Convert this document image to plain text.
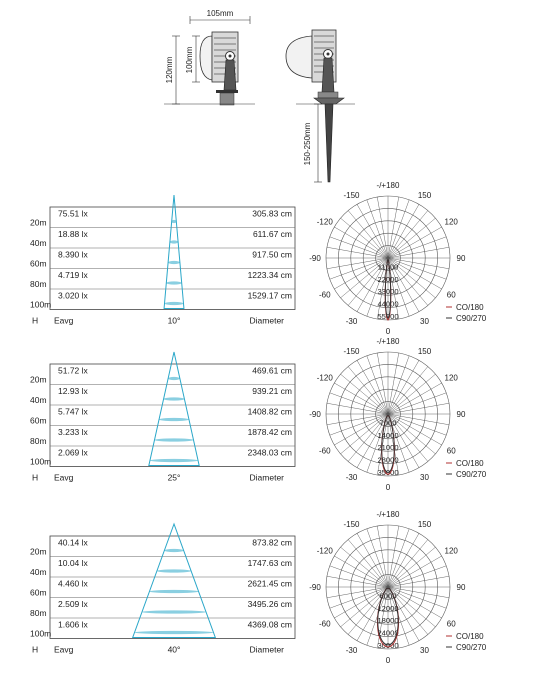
105mm
120mm 100mm
150-250mm
20m
75.51 lx	305.83 cm
40m
18.88 lx	611.67 cm
60m
8.390 lx	917.50 cm
80m
4.719 lx	1223.34 cm
100m
3.020 lx	1529.17 cm
H Eavg	10°	Diameter
-/+180
-150	150
-120	120
-90	90
-60	60
-30	30
0
11000
22000
33000
44000
55000
CO/180
C90/270
20m
51.72 lx	469.61 cm
40m
12.93 lx	939.21 cm
60m
5.747 lx	1408.82 cm
80m
3.233 lx	1878.42 cm
100m
2.069 lx	2348.03 cm
H Eavg	25°	Diameter
-/+180
-150	150
-120	120
-90	90
-60	60
-30	30
0
7000
14000
21000
28000
35000
CO/180
C90/270
20m
40.14 lx	873.82 cm
40m
10.04 lx	1747.63 cm
60m
4.460 lx	2621.45 cm
80m
2.509 lx	3495.26 cm
100m
1.606 lx	4369.08 cm
H Eavg	40°	Diameter
-/+180
-150	150
-120	120
-90	90
-60	60
-30	30
0
6000
12000
18000
24000
30000
CO/180
C90/270
